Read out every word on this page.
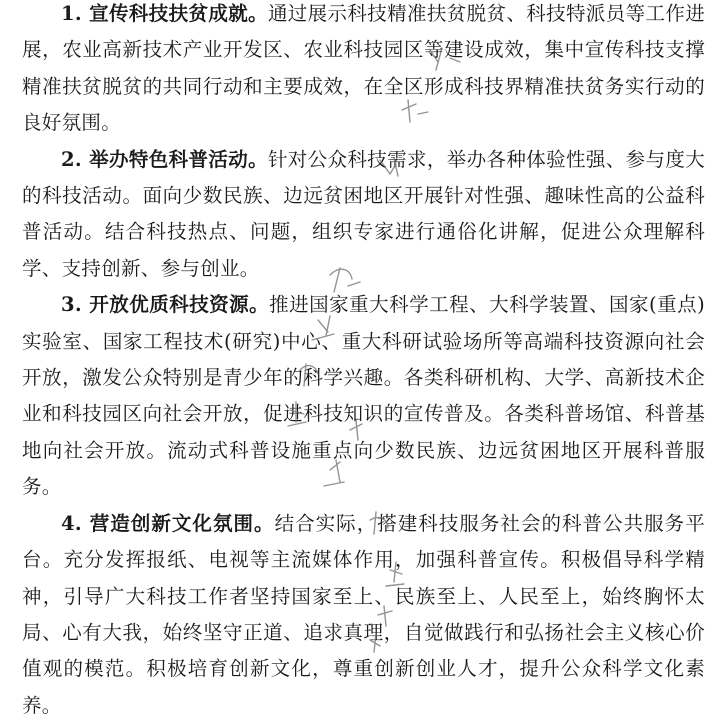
1. 宣传科技扶贫成就。通过展示科技精准扶贫脱贫、科技特派员等工作进展，农业高新技术产业开发区、农业科技园区等建设成效，集中宣传科技支撑精准扶贫脱贫的共同行动和主要成效，在全区形成科技界精准扶贫务实行动的良好氛围。

2. 举办特色科普活动。针对公众科技需求，举办各种体验性强、参与度大的科技活动。面向少数民族、边远贫困地区开展针对性强、趣味性高的公益科普活动。结合科技热点、问题，组织专家进行通俗化讲解，促进公众理解科学、支持创新、参与创业。

3. 开放优质科技资源。推进国家重大科学工程、大科学装置、国家(重点)实验室、国家工程技术(研究)中心、重大科研试验场所等高端科技资源向社会开放，激发公众特别是青少年的科学兴趣。各类科研机构、大学、高新技术企业和科技园区向社会开放，促进科技知识的宣传普及。各类科普场馆、科普基地向社会开放。流动式科普设施重点向少数民族、边远贫困地区开展科普服务。

4. 营造创新文化氛围。结合实际，搭建科技服务社会的科普公共服务平台。充分发挥报纸、电视等主流媒体作用，加强科普宣传。积极倡导科学精神，引导广大科技工作者坚持国家至上、民族至上、人民至上，始终胸怀太局、心有大我，始终坚守正道、追求真理，自觉做践行和弘扬社会主义核心价值观的模范。积极培育创新文化，尊重创新创业人才，提升公众科学文化素养。
